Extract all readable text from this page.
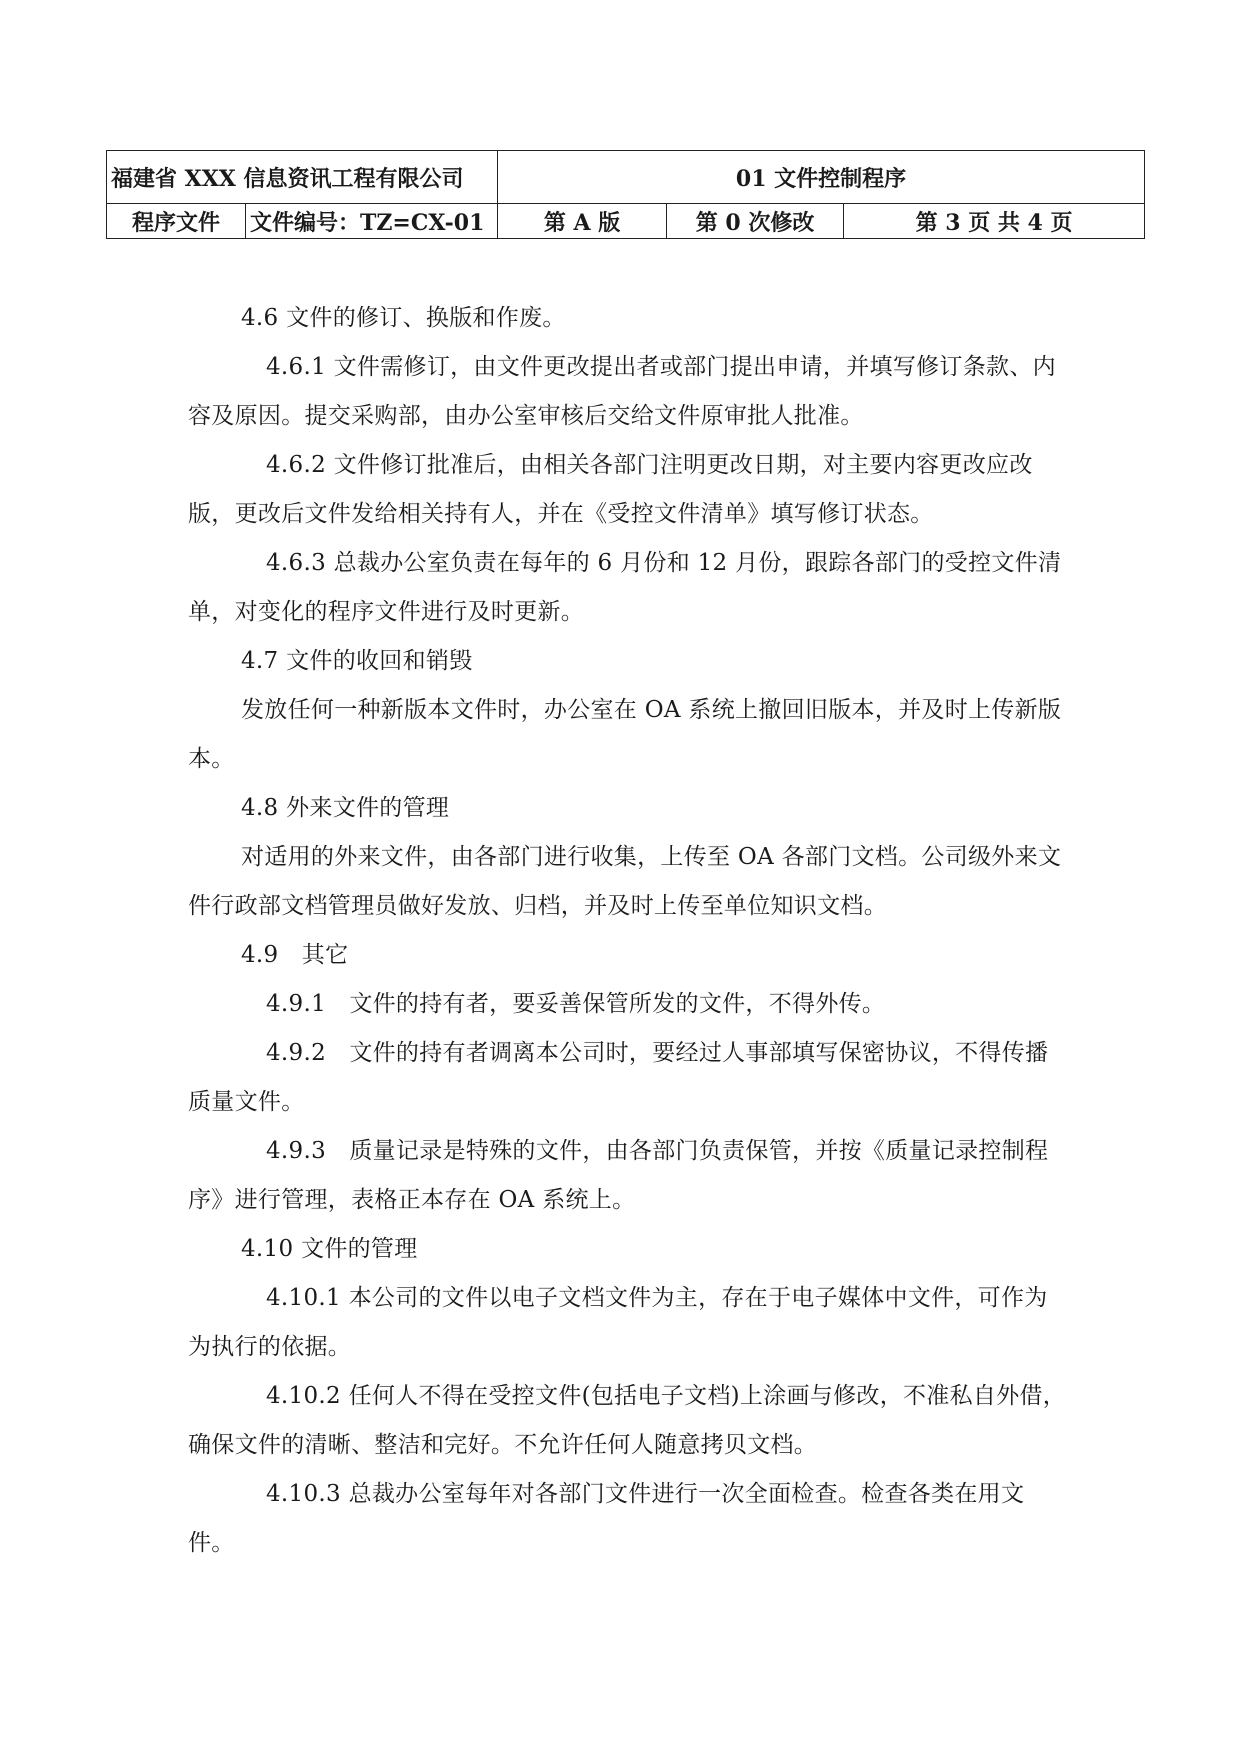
福建省 XXX 信息资讯工程有限公司		01 文件控制程序		
程序文件	文件编号：TZ=CX-01	第 A 版	第 0 次修改	第 3 页 共 4 页

4.6 文件的修订、换版和作废。

4.6.1 文件需修订，由文件更改提出者或部门提出申请，并填写修订条款、内容及原因。提交采购部，由办公室审核后交给文件原审批人批准。

4.6.2 文件修订批准后，由相关各部门注明更改日期，对主要内容更改应改版，更改后文件发给相关持有人，并在《受控文件清单》填写修订状态。

4.6.3 总裁办公室负责在每年的 6 月份和 12 月份，跟踪各部门的受控文件清单，对变化的程序文件进行及时更新。

4.7 文件的收回和销毁

发放任何一种新版本文件时，办公室在 OA 系统上撤回旧版本，并及时上传新版本。

4.8 外来文件的管理

对适用的外来文件，由各部门进行收集，上传至 OA 各部门文档。公司级外来文件行政部文档管理员做好发放、归档，并及时上传至单位知识文档。

4.9　其它

4.9.1　文件的持有者，要妥善保管所发的文件，不得外传。

4.9.2　文件的持有者调离本公司时，要经过人事部填写保密协议，不得传播质量文件。

4.9.3　质量记录是特殊的文件，由各部门负责保管，并按《质量记录控制程序》进行管理，表格正本存在 OA 系统上。

4.10 文件的管理

4.10.1 本公司的文件以电子文档文件为主，存在于电子媒体中文件，可作为为执行的依据。

4.10.2 任何人不得在受控文件(包括电子文档)上涂画与修改，不准私自外借，确保文件的清晰、整洁和完好。不允许任何人随意拷贝文档。

4.10.3 总裁办公室每年对各部门文件进行一次全面检查。检查各类在用文件。
